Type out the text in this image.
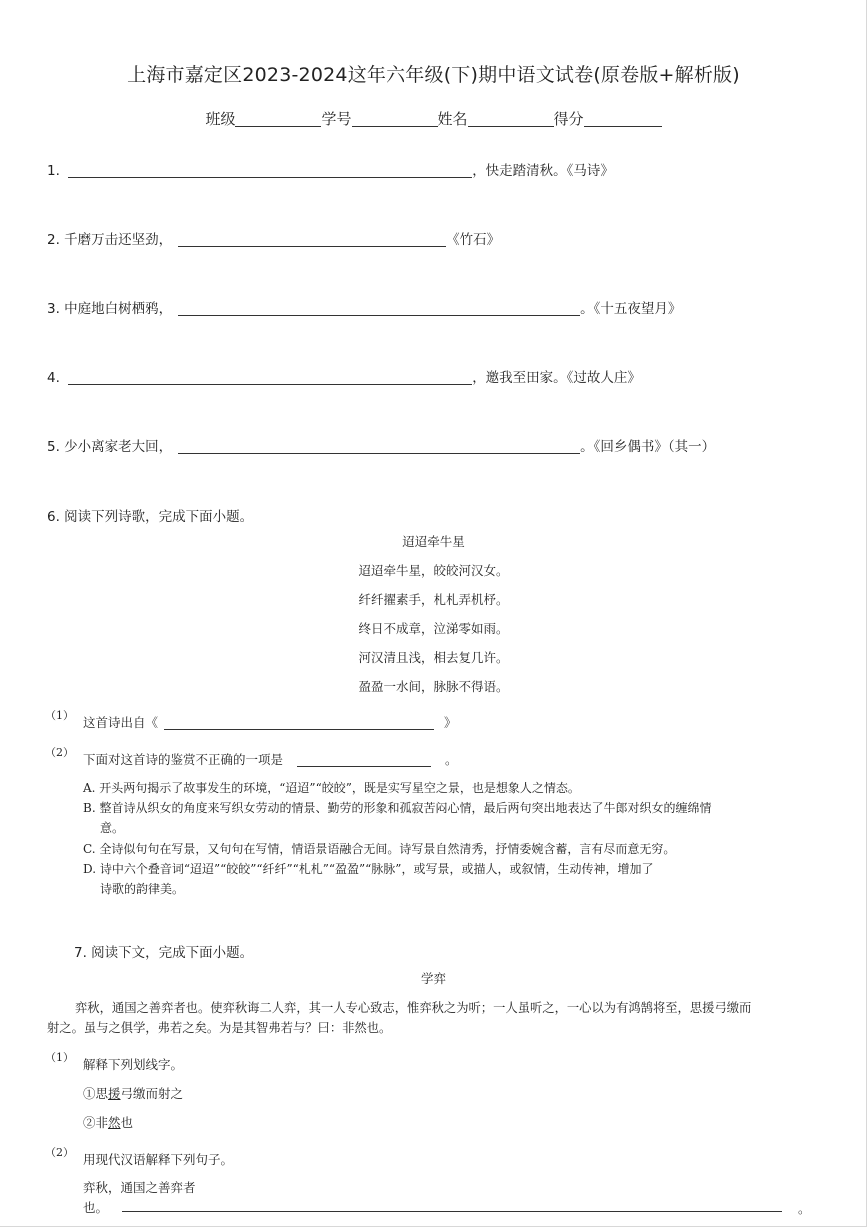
上海市嘉定区2023-2024这年六年级(下)期中语文试卷(原卷版+解析版)
班级	学号	姓名	得分
1.	，快走踏清秋。《马诗》
2. 千磨万击还坚劲，	《竹石》
3. 中庭地白树栖鸦，	。《十五夜望月》
4.	，邀我至田家。《过故人庄》
5. 少小离家老大回，	。《回乡偶书》（其一）
6. 阅读下列诗歌，完成下面小题。
迢迢牵牛星
迢迢牵牛星，皎皎河汉女。
纤纤擢素手，札札弄机杼。
终日不成章，泣涕零如雨。
河汉清且浅，相去复几许。
盈盈一水间，脉脉不得语。
（1） 这首诗出自《	》
（2） 下面对这首诗的鉴赏不正确的一项是	。
A. 开头两句揭示了故事发生的环境，“迢迢”“皎皎”，既是实写星空之景，也是想象人之情态。
B. 整首诗从织女的角度来写织女劳动的情景、勤劳的形象和孤寂苦闷心情，最后两句突出地表达了牛郎对织女的缠绵情
意。
C. 全诗似句句在写景，又句句在写情，情语景语融合无间。诗写景自然清秀，抒情委婉含蓄，言有尽而意无穷。
D. 诗中六个叠音词“迢迢”“皎皎”“纤纤”“札札”“盈盈”“脉脉”，或写景，或描人，或叙情，生动传神，增加了
诗歌的韵律美。
7. 阅读下文，完成下面小题。
学弈
弈秋，通国之善弈者也。使弈秋诲二人弈，其一人专心致志，惟弈秋之为听；一人虽听之，一心以为有鸿鹄将至，思援弓缴而
射之。虽与之俱学，弗若之矣。为是其智弗若与？曰：非然也。
（1） 解释下列划线字。
①思援弓缴而射之
②非然也
（2） 用现代汉语解释下列句子。
弈秋，通国之善弈者
也。	。
